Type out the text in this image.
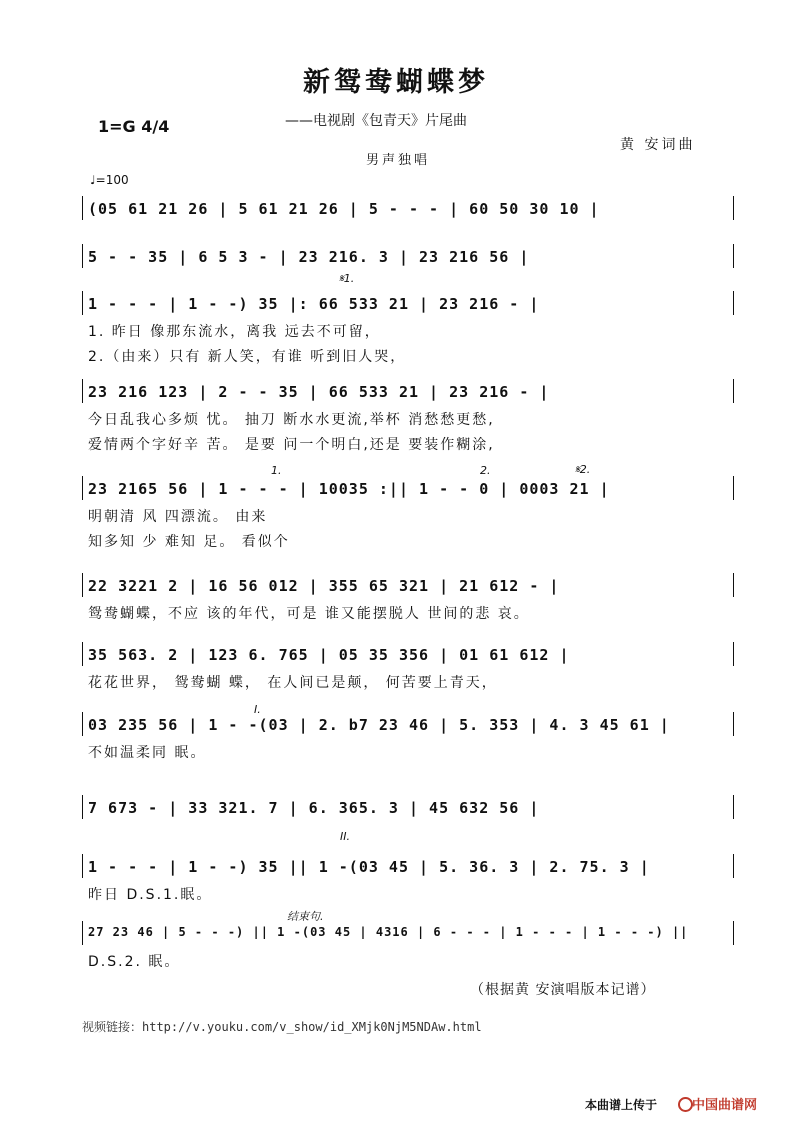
新鸳鸯蝴蝶梦
1=G 4/4	——电视剧《包青天》片尾曲
黄 安词曲
男声独唱
♩=100
(05 61 21 26 | 5 61 21 26 | 5 - - - | 60 50 30 10 |
5 - - 35 | 6 5 3 - | 23 216. 3 | 23 216 56 |
1 - - - | 1 - -) 35 |: 66 533 21 | 23 216 - |
1. 昨日 像那东流水，离我 远去不可留，
2.（由来）只有 新人笑，有谁 听到旧人哭，
23 216 123 | 2 - - 35 | 66 533 21 | 23 216 - |
今日乱我心多烦 忧。 抽刀 断水水更流,举杯 消愁愁更愁,
爱情两个字好辛 苦。 是要 问一个明白,还是 要装作糊涂,
23 2165 56 | 1 - - - | 10035 :|| 1 - - 0 | 0003 21 |
明朝清 风 四漂流。 由来
知多知 少 难知 足。 看似个
22 3221 2 | 16 56 012 | 355 65 321 | 21 612 - |
鸳鸯蝴蝶，不应 该的年代，可是 谁又能摆脱人 世间的悲 哀。
35 563. 2 | 123 6. 765 | 05 35 356 | 01 61 612 |
花花世界， 鸳鸯蝴 蝶， 在人间已是颠， 何苦要上青天，
03 235 56 | 1 - -(03 | 2. b7 23 46 | 5. 353 | 4. 3 45 61 |
不如温柔同 眠。
7 673 - | 33 321. 7 | 6. 365. 3 | 45 632 56 |
1 - - - | 1 - -) 35 || 1 -(03 45 | 5. 36. 3 | 2. 75. 3 |
昨日 D.S.1.眠。
27 23 46 | 5 - - -) || 1 -(03 45 | 4316 | 6 - - - | 1 - - - | 1 - - -) ||
D.S.2. 眠。
𝄋1.
𝄋2.
1.	2.
I.
II.
结束句.
（根据黄 安演唱版本记谱）
视频链接：http://v.youku.com/v_show/id_XMjk0NjM5NDAw.html
本曲谱上传于	中国曲谱网
